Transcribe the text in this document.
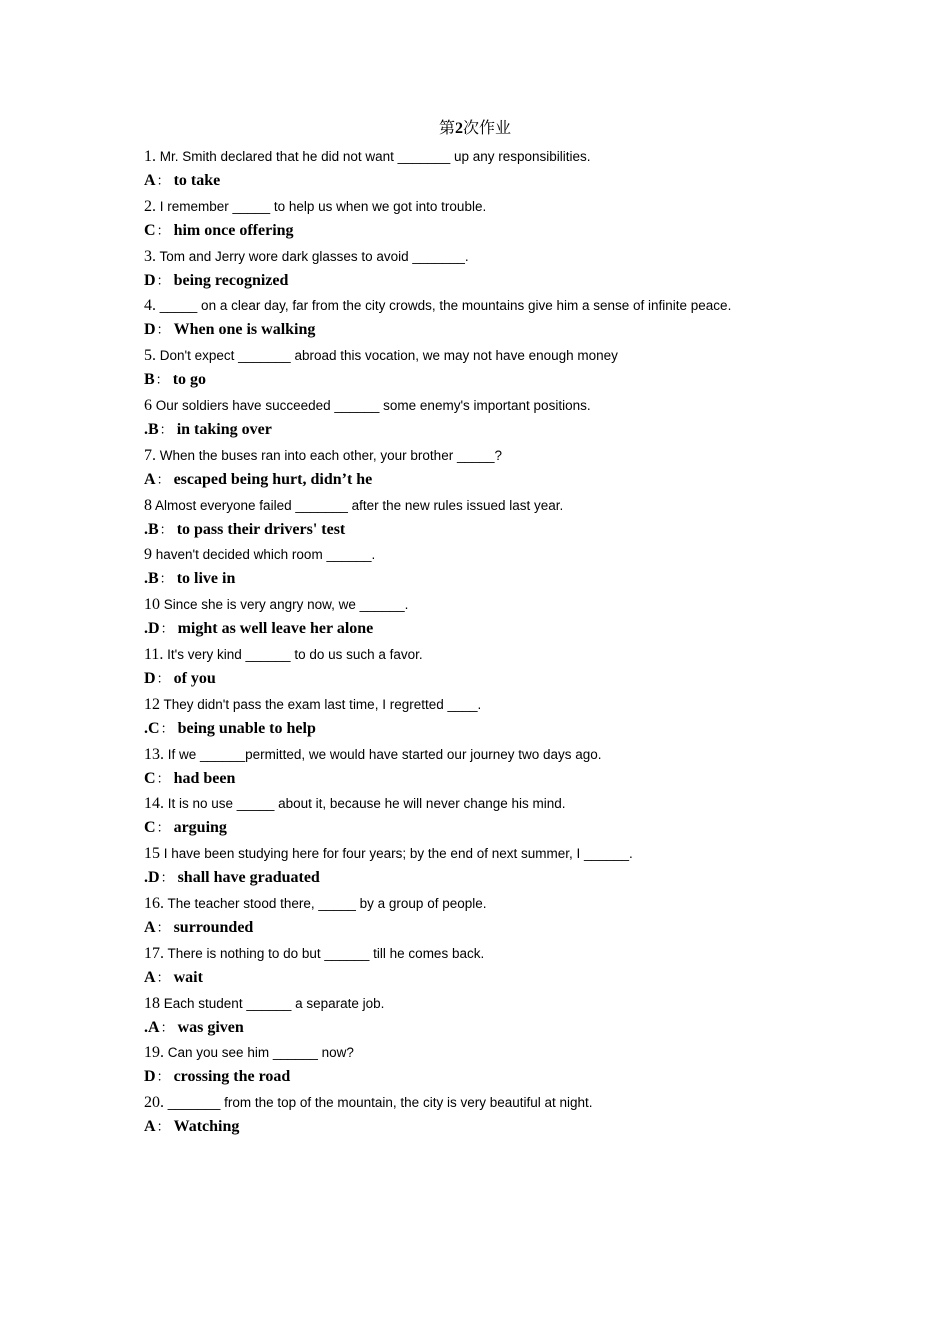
第2次作业
1. Mr. Smith declared that he did not want _______ up any responsibilities.
A： to take
2. I remember _____ to help us when we got into trouble.
C： him once offering
3. Tom and Jerry wore dark glasses to avoid _______.
D： being recognized
4. _____ on a clear day, far from the city crowds, the mountains give him a sense of infinite peace.
D： When one is walking
5. Don't expect _______ abroad this vocation, we may not have enough money
B： to go
6 Our soldiers have succeeded ______ some enemy's important positions.
.B： in taking over
7. When the buses ran into each other, your brother _____?
A： escaped being hurt, didn’t he
8 Almost everyone failed _______ after the new rules issued last year.
.B： to pass their drivers' test
9 haven't decided which room ______.
.B： to live in
10 Since she is very angry now, we ______.
.D： might as well leave her alone
11. It's very kind ______ to do us such a favor.
D： of you
12 They didn't pass the exam last time, I regretted ____.
.C： being unable to help
13. If we ______permitted, we would have started our journey two days ago.
C： had been
14. It is no use _____ about it, because he will never change his mind.
C： arguing
15 I have been studying here for four years; by the end of next summer, I ______.
.D： shall have graduated
16. The teacher stood there, _____ by a group of people.
A： surrounded
17. There is nothing to do but ______ till he comes back.
A： wait
18 Each student ______ a separate job.
.A： was given
19. Can you see him ______ now?
D： crossing the road
20. _______ from the top of the mountain, the city is very beautiful at night.
A： Watching
